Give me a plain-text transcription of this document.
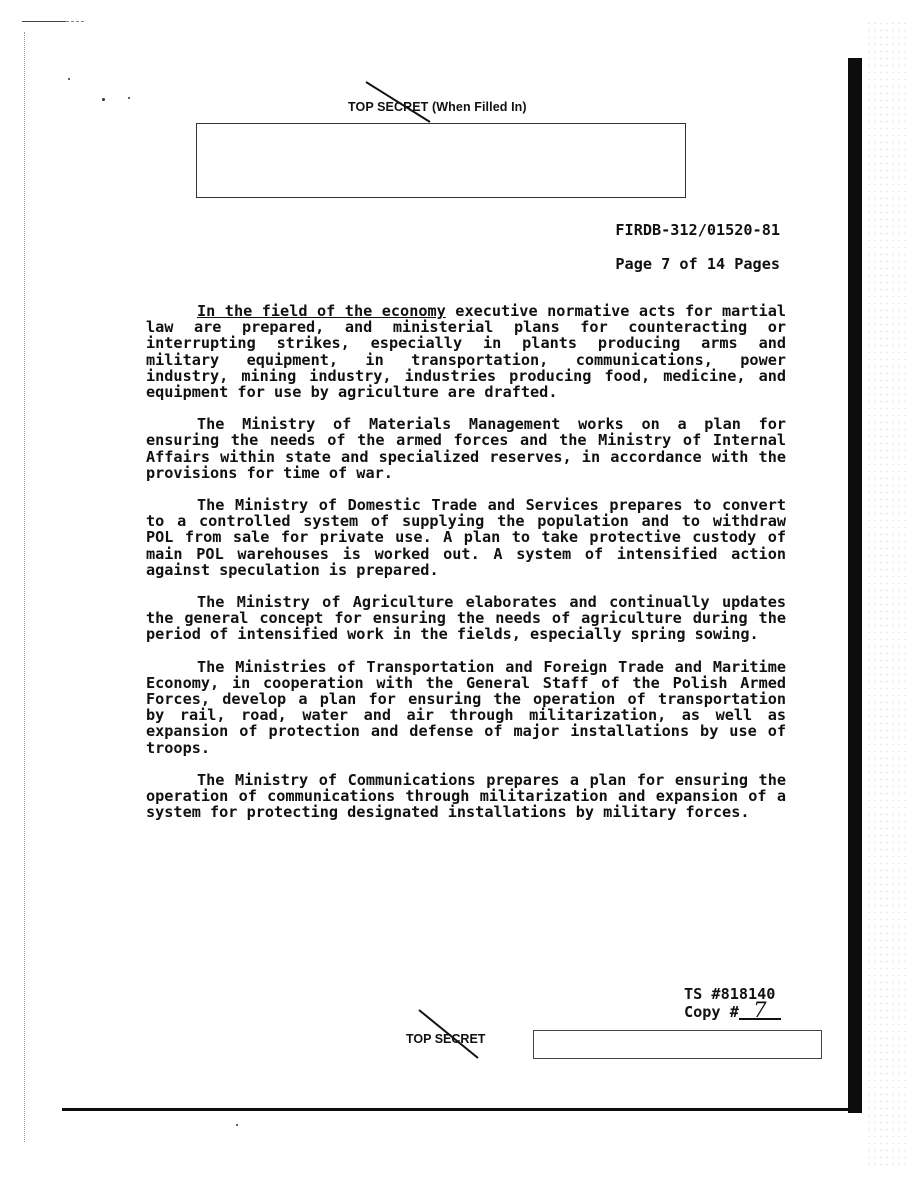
TOP SECRET (When Filled In)
FIRDB-312/01520-81
Page 7 of 14 Pages

In the field of the economy executive normative acts for martial law are prepared, and ministerial plans for counteracting or interrupting strikes, especially in plants producing arms and military equipment, in transportation, communications, power industry, mining industry, industries producing food, medicine, and equipment for use by agriculture are drafted.

The Ministry of Materials Management works on a plan for ensuring the needs of the armed forces and the Ministry of Internal Affairs within state and specialized reserves, in accordance with the provisions for time of war.

The Ministry of Domestic Trade and Services prepares to convert to a controlled system of supplying the population and to withdraw POL from sale for private use. A plan to take protective custody of main POL warehouses is worked out. A system of intensified action against speculation is prepared.

The Ministry of Agriculture elaborates and continually updates the general concept for ensuring the needs of agriculture during the period of intensified work in the fields, especially spring sowing.

The Ministries of Transportation and Foreign Trade and Maritime Economy, in cooperation with the General Staff of the Polish Armed Forces, develop a plan for ensuring the operation of transportation by rail, road, water and air through militarization, as well as expansion of protection and defense of major installations by use of troops.

The Ministry of Communications prepares a plan for ensuring the operation of communications through militarization and expansion of a system for protecting designated installations by military forces.

TS #818140
Copy # 7
TOP SECRET
